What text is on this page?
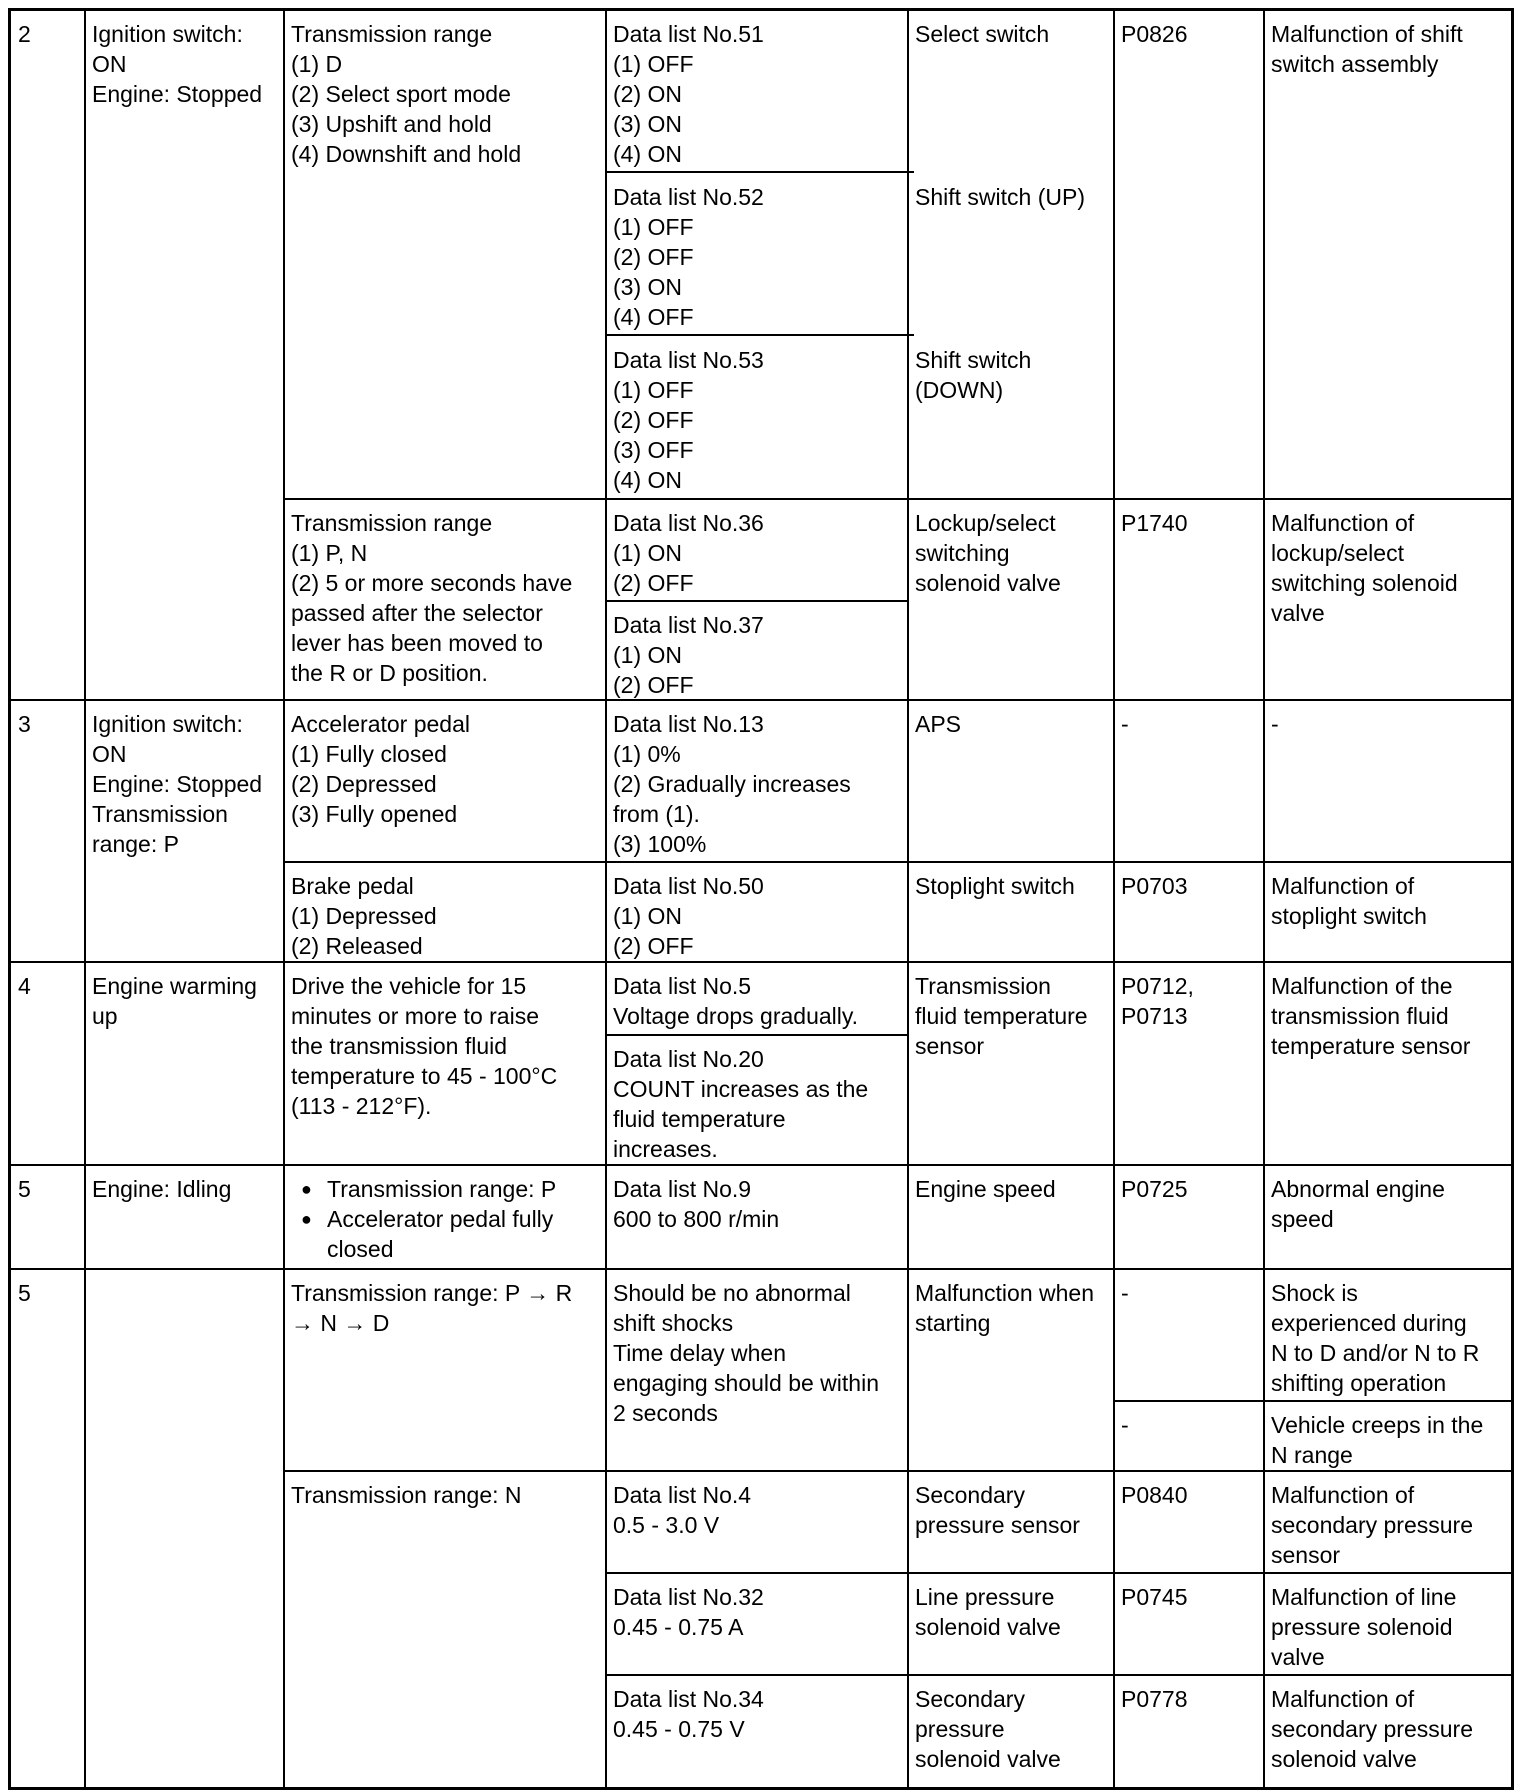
2	Ignition switch:
ON
Engine: Stopped
Transmission range
(1) D
(2) Select sport mode
(3) Upshift and hold
(4) Downshift and hold
Data list No.51
(1) OFF
(2) ON
(3) ON
(4) ON
Select switch
Data list No.52
(1) OFF
(2) OFF
(3) ON
(4) OFF
Shift switch (UP)
Data list No.53
(1) OFF
(2) OFF
(3) OFF
(4) ON
Shift switch
(DOWN)
P0826	Malfunction of shift
switch assembly
Transmission range
(1) P, N
(2) 5 or more seconds have
passed after the selector
lever has been moved to
the R or D position.
Data list No.36
(1) ON
(2) OFF
Data list No.37
(1) ON
(2) OFF
Lockup/select
switching
solenoid valve
P1740	Malfunction of
lockup/select
switching solenoid
valve
3	Ignition switch:
ON
Engine: Stopped
Transmission
range: P
Accelerator pedal
(1) Fully closed
(2) Depressed
(3) Fully opened
Data list No.13
(1) 0%
(2) Gradually increases
from (1).
(3) 100%
APS	-	-
Brake pedal
(1) Depressed
(2) Released
Data list No.50
(1) ON
(2) OFF
Stoplight switch	P0703	Malfunction of
stoplight switch
4	Engine warming
up
Drive the vehicle for 15
minutes or more to raise
the transmission fluid
temperature to 45 - 100°C
(113 - 212°F).
Data list No.5
Voltage drops gradually.
Data list No.20
COUNT increases as the
fluid temperature
increases.
Transmission
fluid temperature
sensor
P0712,
P0713
Malfunction of the
transmission fluid
temperature sensor
5	Engine: Idling
●	Transmission range: P
● Accelerator pedal fully
closed
Data list No.9
600 to 800 r/min
Engine speed	P0725	Abnormal engine
speed
5	Transmission range: P → R
→ N → D
Should be no abnormal
shift shocks
Time delay when
engaging should be within
2 seconds
Malfunction when
starting
-	Shock is
experienced during
N to D and/or N to R
shifting operation
-	Vehicle creeps in the
N range
Transmission range: N	Data list No.4
0.5 - 3.0 V
Secondary
pressure sensor
P0840	Malfunction of
secondary pressure
sensor
Data list No.32
0.45 - 0.75 A
Line pressure
solenoid valve
P0745	Malfunction of line
pressure solenoid
valve
Data list No.34
0.45 - 0.75 V
Secondary
pressure
solenoid valve
P0778	Malfunction of
secondary pressure
solenoid valve
